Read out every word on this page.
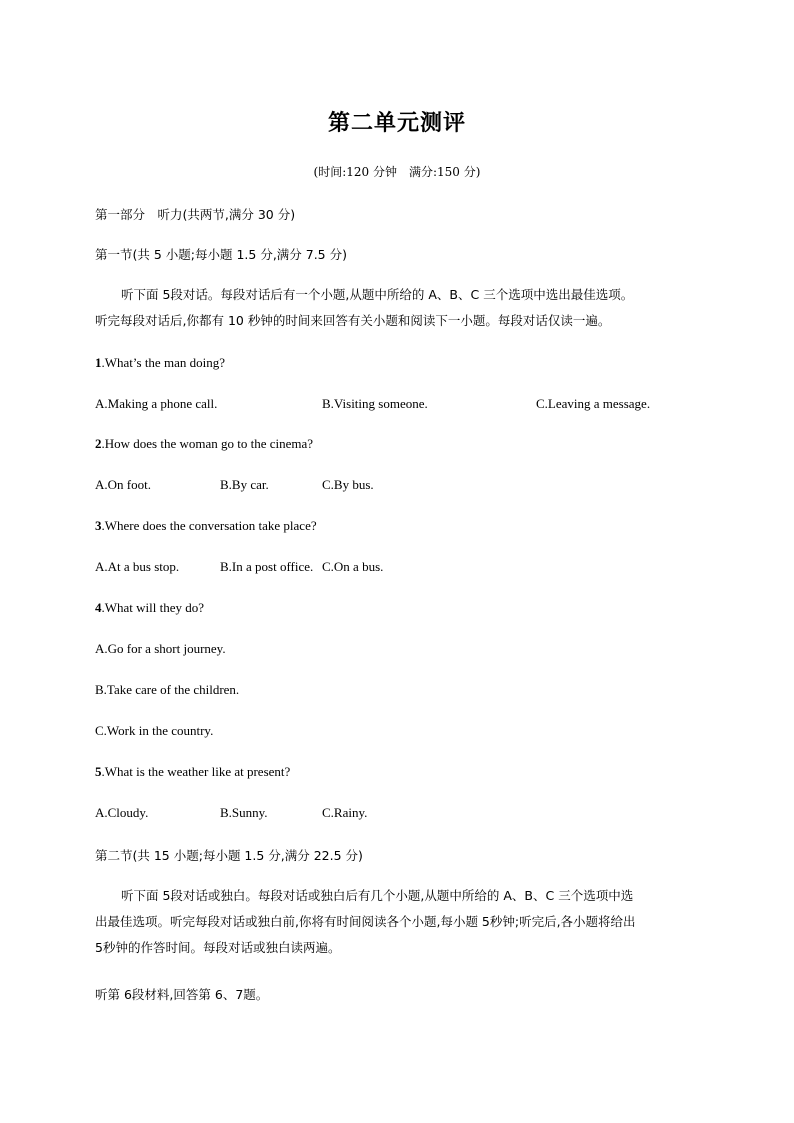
第二单元测评
(时间:120 分钟　满分:150 分)
第一部分　听力(共两节,满分 30 分)
第一节(共 5 小题;每小题 1.5 分,满分 7.5 分)
听下面 5段对话。每段对话后有一个小题,从题中所给的 A、B、C 三个选项中选出最佳选项。
听完每段对话后,你都有 10 秒钟的时间来回答有关小题和阅读下一小题。每段对话仅读一遍。
1.What’s the man doing?
A.Making a phone call.	B.Visiting someone.	C.Leaving a message.
2.How does the woman go to the cinema?
A.On foot.	B.By car.	C.By bus.
3.Where does the conversation take place?
A.At a bus stop.	B.In a post office. C.On a bus.
4.What will they do?
A.Go for a short journey.
B.Take care of the children.
C.Work in the country.
5.What is the weather like at present?
A.Cloudy.	B.Sunny.	C.Rainy.
第二节(共 15 小题;每小题 1.5 分,满分 22.5 分)
听下面 5段对话或独白。每段对话或独白后有几个小题,从题中所给的 A、B、C 三个选项中选
出最佳选项。听完每段对话或独白前,你将有时间阅读各个小题,每小题 5秒钟;听完后,各小题将给出
5秒钟的作答时间。每段对话或独白读两遍。
听第 6段材料,回答第 6、7题。
